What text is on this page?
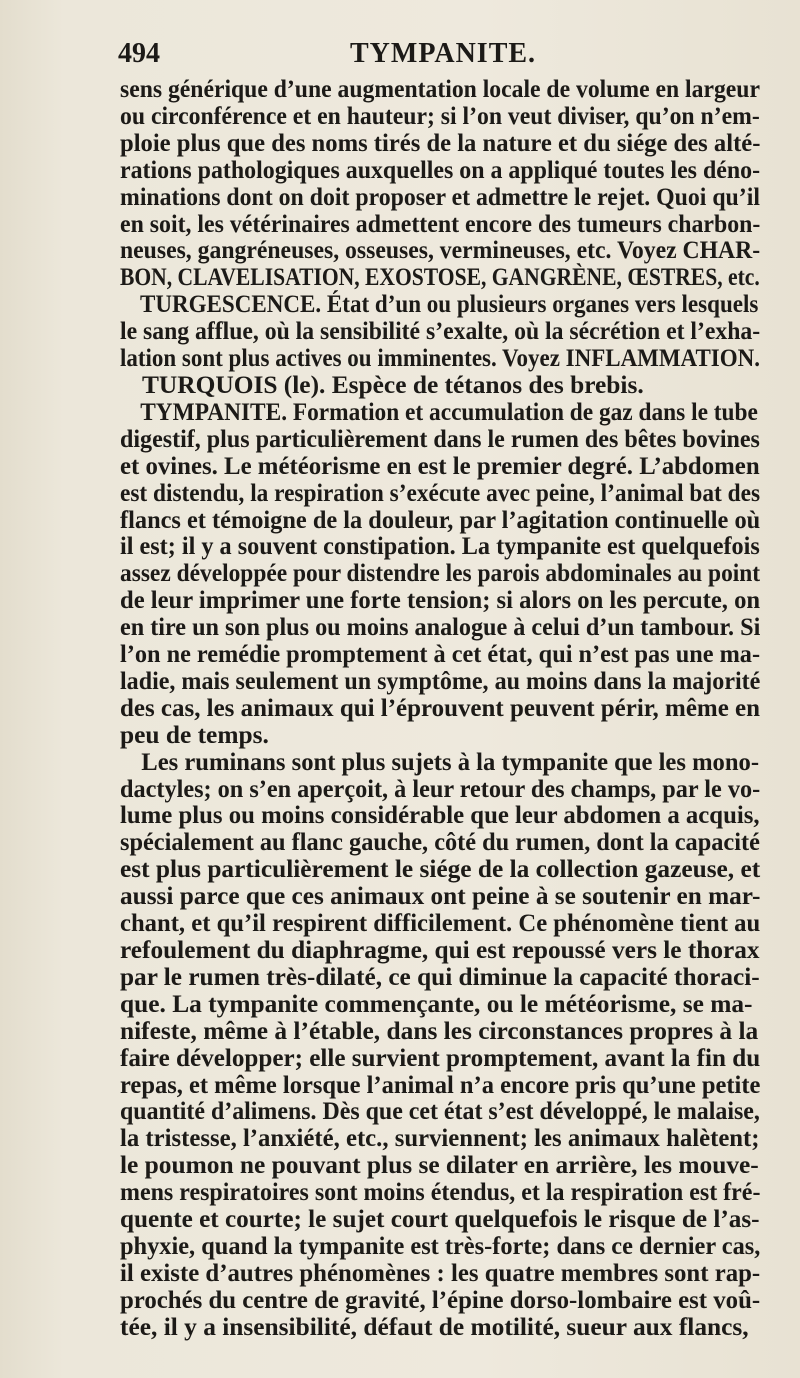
494	TYMPANITE.
sens générique d’une augmentation locale de volume en largeur
ou circonférence et en hauteur; si l’on veut diviser, qu’on n’em-
ploie plus que des noms tirés de la nature et du siége des alté-
rations pathologiques auxquelles on a appliqué toutes les déno-
minations dont on doit proposer et admettre le rejet. Quoi qu’il
en soit, les vétérinaires admettent encore des tumeurs charbon-
neuses, gangréneuses, osseuses, vermineuses, etc. Voyez CHAR-
BON, CLAVELISATION, EXOSTOSE, GANGRÈNE, ŒSTRES, etc.
TURGESCENCE. État d’un ou plusieurs organes vers lesquels
le sang afflue, où la sensibilité s’exalte, où la sécrétion et l’exha-
lation sont plus actives ou imminentes. Voyez INFLAMMATION.
TURQUOIS (le). Espèce de tétanos des brebis.
TYMPANITE. Formation et accumulation de gaz dans le tube
digestif, plus particulièrement dans le rumen des bêtes bovines
et ovines. Le météorisme en est le premier degré. L’abdomen
est distendu, la respiration s’exécute avec peine, l’animal bat des
flancs et témoigne de la douleur, par l’agitation continuelle où
il est; il y a souvent constipation. La tympanite est quelquefois
assez développée pour distendre les parois abdominales au point
de leur imprimer une forte tension; si alors on les percute, on
en tire un son plus ou moins analogue à celui d’un tambour. Si
l’on ne remédie promptement à cet état, qui n’est pas une ma-
ladie, mais seulement un symptôme, au moins dans la majorité
des cas, les animaux qui l’éprouvent peuvent périr, même en
peu de temps.
Les ruminans sont plus sujets à la tympanite que les mono-
dactyles; on s’en aperçoit, à leur retour des champs, par le vo-
lume plus ou moins considérable que leur abdomen a acquis,
spécialement au flanc gauche, côté du rumen, dont la capacité
est plus particulièrement le siége de la collection gazeuse, et
aussi parce que ces animaux ont peine à se soutenir en mar-
chant, et qu’il respirent difficilement. Ce phénomène tient au
refoulement du diaphragme, qui est repoussé vers le thorax
par le rumen très-dilaté, ce qui diminue la capacité thoraci-
que. La tympanite commençante, ou le météorisme, se ma-
nifeste, même à l’étable, dans les circonstances propres à la
faire développer; elle survient promptement, avant la fin du
repas, et même lorsque l’animal n’a encore pris qu’une petite
quantité d’alimens. Dès que cet état s’est développé, le malaise,
la tristesse, l’anxiété, etc., surviennent; les animaux halètent;
le poumon ne pouvant plus se dilater en arrière, les mouve-
mens respiratoires sont moins étendus, et la respiration est fré-
quente et courte; le sujet court quelquefois le risque de l’as-
phyxie, quand la tympanite est très-forte; dans ce dernier cas,
il existe d’autres phénomènes : les quatre membres sont rap-
prochés du centre de gravité, l’épine dorso-lombaire est voû-
tée, il y a insensibilité, défaut de motilité, sueur aux flancs,
